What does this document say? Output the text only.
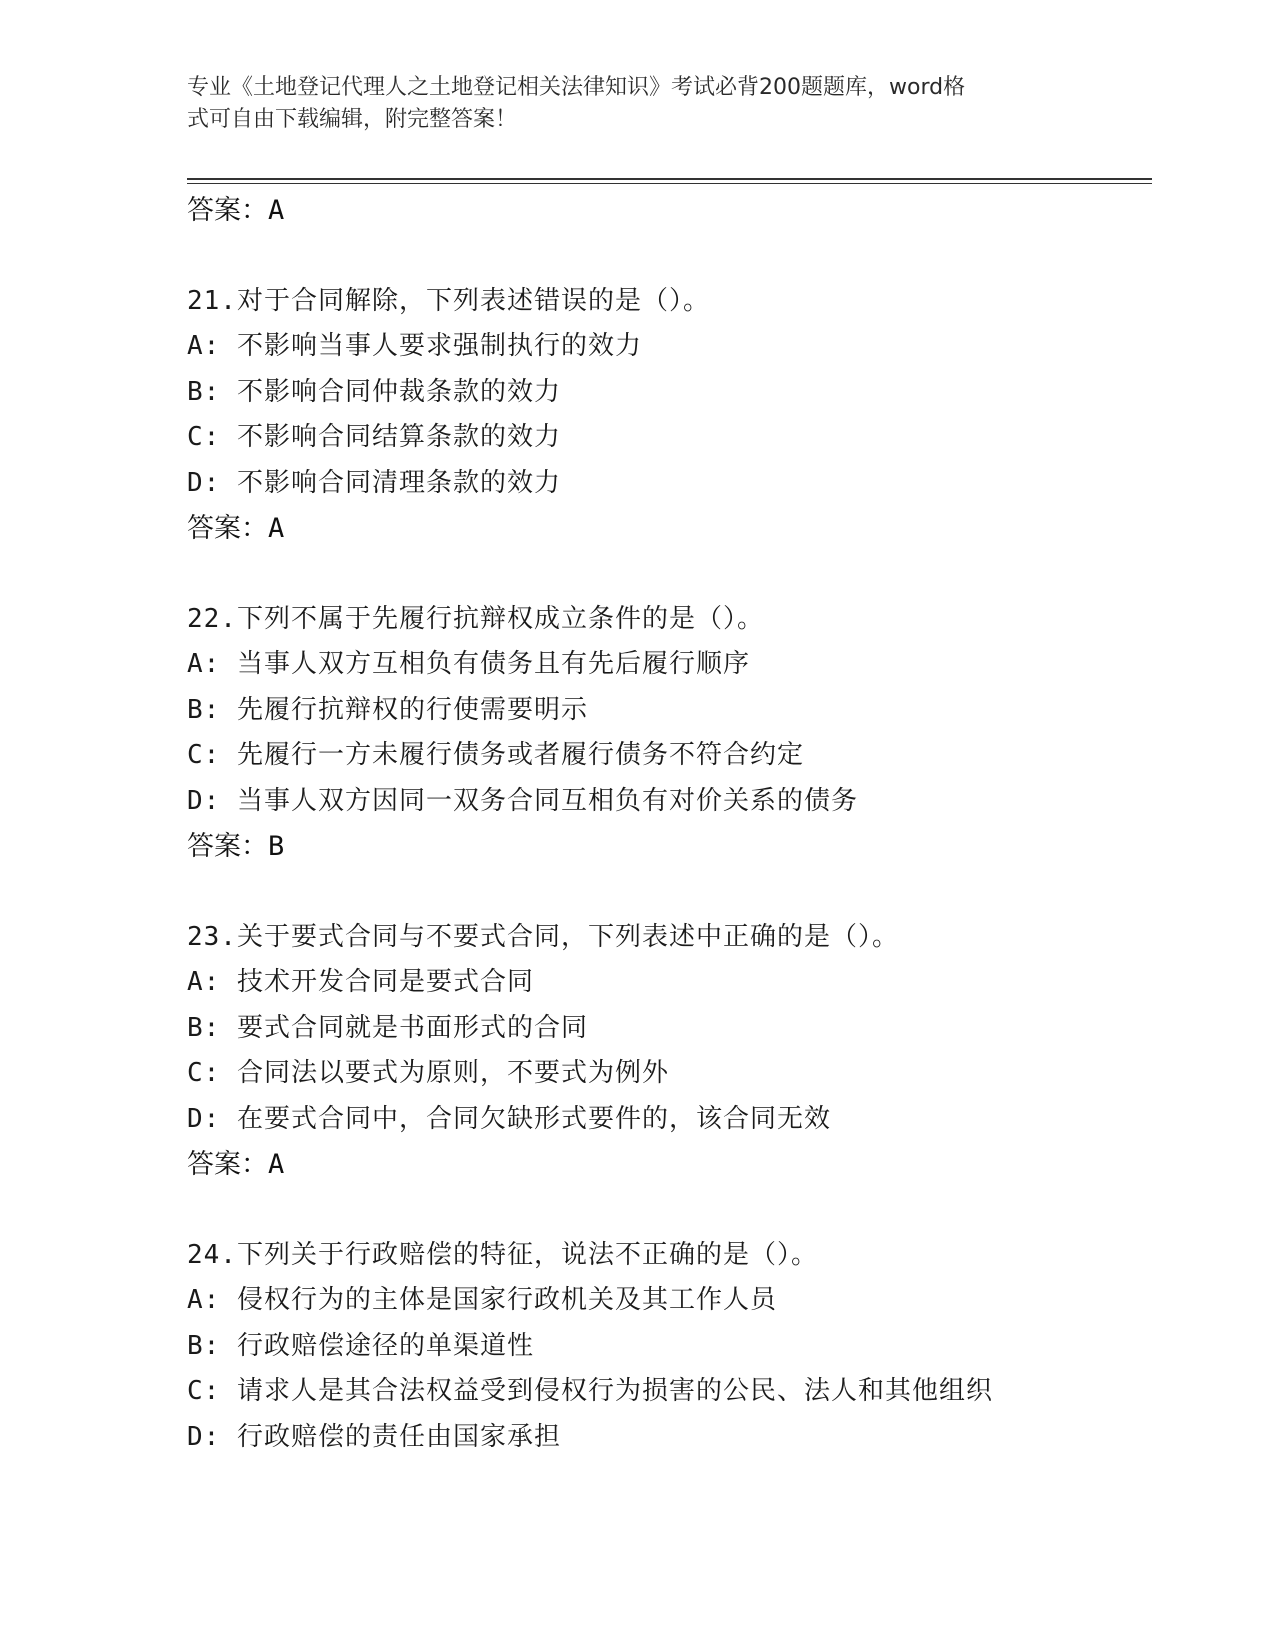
专业《土地登记代理人之土地登记相关法律知识》考试必背200题题库，word格
式可自由下载编辑，附完整答案！
答案：A
21.对于合同解除，下列表述错误的是（）。
A: 不影响当事人要求强制执行的效力
B: 不影响合同仲裁条款的效力
C: 不影响合同结算条款的效力
D: 不影响合同清理条款的效力
答案：A
22.下列不属于先履行抗辩权成立条件的是（）。
A: 当事人双方互相负有债务且有先后履行顺序
B: 先履行抗辩权的行使需要明示
C: 先履行一方未履行债务或者履行债务不符合约定
D: 当事人双方因同一双务合同互相负有对价关系的债务
答案：B
23.关于要式合同与不要式合同，下列表述中正确的是（）。
A: 技术开发合同是要式合同
B: 要式合同就是书面形式的合同
C: 合同法以要式为原则，不要式为例外
D: 在要式合同中，合同欠缺形式要件的，该合同无效
答案：A
24.下列关于行政赔偿的特征，说法不正确的是（）。
A: 侵权行为的主体是国家行政机关及其工作人员
B: 行政赔偿途径的单渠道性
C: 请求人是其合法权益受到侵权行为损害的公民、法人和其他组织
D: 行政赔偿的责任由国家承担
